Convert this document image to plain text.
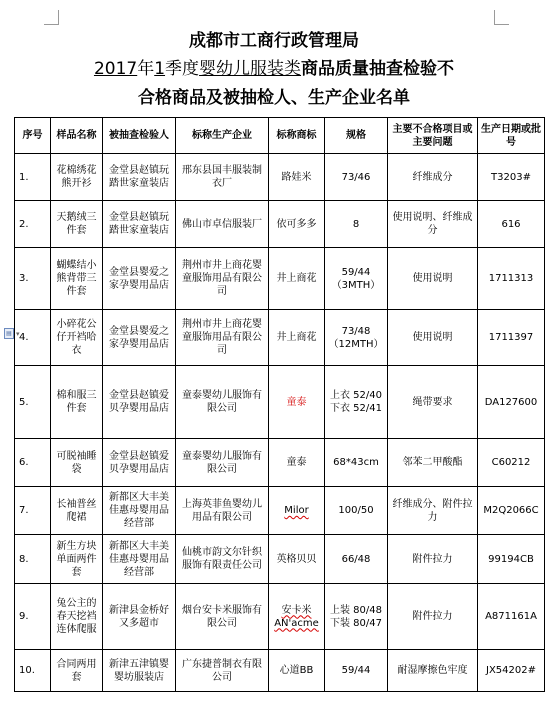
成都市工商行政管理局
2017年1季度婴幼儿服装类商品质量抽查检验不
合格商品及被抽检人、生产企业名单
▤ ▾
序号	样品名称	被抽查检验人	标称生产企业	标称商标	规格	主要不合格项目或主要问题	生产日期或批号
1.	花棉绣花熊开衫	金堂县赵镇玩踏世家童装店	邢东县国丰服装制衣厂	路娃米	73/46	纤维成分	T3203#
2.	天鹅绒三件套	金堂县赵镇玩踏世家童装店	佛山市卓信服装厂	依可多多	8	使用说明、纤维成分	616
3.	蝴蝶结小熊背带三件套	金堂县婴爱之家孕婴用品店	荆州市井上商花婴童服饰用品有限公司	井上商花	59/44（3MTH）	使用说明	1711313
4.	小碎花公仔开裆哈衣	金堂县婴爱之家孕婴用品店	荆州市井上商花婴童服饰用品有限公司	井上商花	73/48（12MTH）	使用说明	1711397
5.	棉和服三件套	金堂县赵镇爱贝孕婴用品店	童泰婴幼儿服饰有限公司	童泰	上衣 52/40 下衣 52/41	绳带要求	DA127600
6.	可脱袖睡袋	金堂县赵镇爱贝孕婴用品店	童泰婴幼儿服饰有限公司	童泰	68*43cm	邻苯二甲酸酯	C60212
7.	长袖普丝爬裙	新都区大丰美佳惠母婴用品经营部	上海英菲鱼婴幼儿用品有限公司	Milor	100/50	纤维成分、附件拉力	M2Q2066C
8.	新生方块单面两件套	新都区大丰美佳惠母婴用品经营部	仙桃市韵文尔针织服饰有限责任公司	英格贝贝	66/48	附件拉力	99194CB
9.	兔公主的春天挖裆连体爬服	新津县金桥好又多超市	烟台安卡米服饰有限公司	安卡米 AN'acme	上装 80/48 下装 80/47	附件拉力	A871161A
10.	合同两用套	新津五津镇婴婴坊服装店	广东捷普制衣有限公司	心道BB	59/44	耐湿摩擦色牢度	JX54202#
